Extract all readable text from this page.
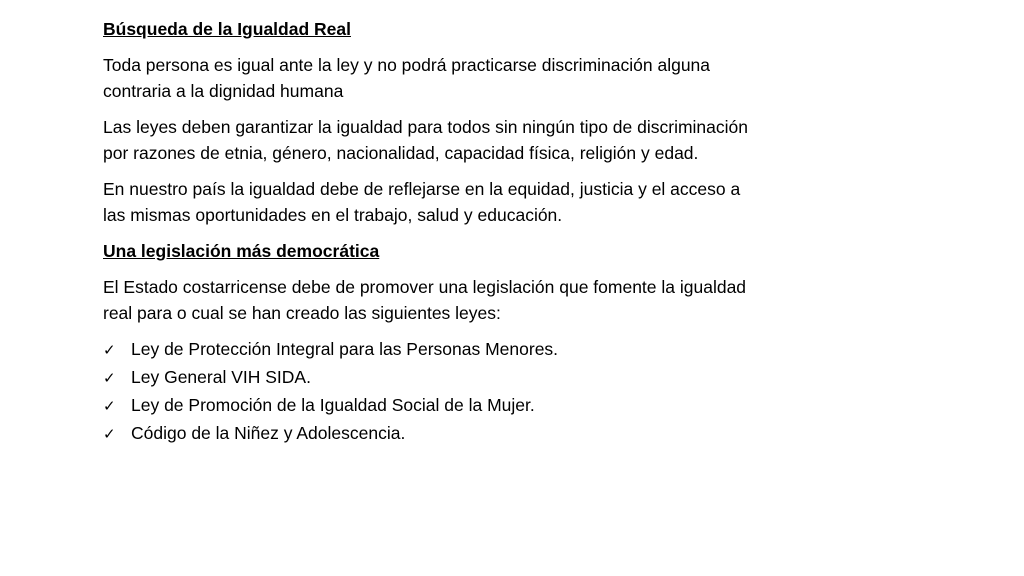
Búsqueda de la Igualdad Real
Toda persona es igual ante la ley y no podrá practicarse discriminación alguna contraria a la dignidad humana
Las leyes deben garantizar la igualdad para todos sin ningún tipo de discriminación por razones de etnia, género, nacionalidad, capacidad física, religión y edad.
En nuestro país la igualdad debe de reflejarse en la equidad, justicia y el acceso a las mismas oportunidades en el trabajo, salud y educación.
Una legislación más democrática
El Estado costarricense debe de promover una legislación que fomente la igualdad real para o cual se han creado las siguientes leyes:
✓ Ley de Protección Integral para las Personas Menores.
✓ Ley General VIH SIDA.
✓ Ley de Promoción de la Igualdad Social de la Mujer.
✓ Código de la Niñez y Adolescencia.
